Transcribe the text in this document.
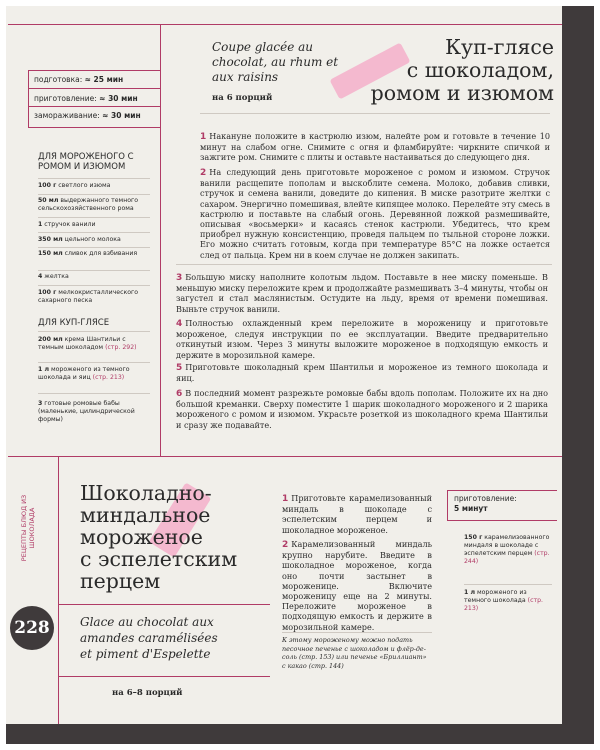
Coupe glacée au chocolat, au rhum et aux raisins
Куп-глясе
с шоколадом,
ромом и изюмом
на 6 порций
подготовка: ≈ 25 мин
приготовление: ≈ 30 мин
замораживание: ≈ 30 мин
ДЛЯ МОРОЖЕНОГО С РОМОМ И ИЗЮМОМ
100 г светлого изюма
50 мл выдержанного темного сельскохозяйственного рома
1 стручок ванили
350 мл цельного молока
150 мл сливок для взбивания
4 желтка
100 г мелкокристаллического сахарного песка
ДЛЯ КУП-ГЛЯСЕ
200 мл крема Шантильи с темным шоколадом (стр. 292)
1 л мороженого из темного шоколада и яиц (стр. 213)
3 готовые ромовые бабы (маленькие, цилиндрической формы)
1 Накануне положите в кастрюлю изюм, налейте ром и готовьте в течение 10 минут на слабом огне. Снимите с огня и фламбируйте: чиркните спичкой и зажгите ром. Снимите с плиты и оставьте настаиваться до следующего дня.
2 На следующий день приготовьте мороженое с ромом и изюмом. Стручок ванили расщепите пополам и выскоблите семена. Молоко, добавив сливки, стручок и семена ванили, доведите до кипения. В миске разотрите желтки с сахаром. Энергично помешивая, влейте кипящее молоко. Перелейте эту смесь в кастрюлю и поставьте на слабый огонь. Деревянной ложкой размешивайте, описывая «восьмерки» и касаясь стенок кастрюли. Убедитесь, что крем приобрел нужную консистенцию, проведя пальцем по тыльной стороне ложки. Его можно считать готовым, когда при температуре 85°C на ложке остается след от пальца. Крем ни в коем случае не должен закипать.
3 Большую миску наполните колотым льдом. Поставьте в нее миску поменьше. В меньшую миску переложите крем и продолжайте размешивать 3–4 минуты, чтобы он загустел и стал маслянистым. Остудите на льду, время от времени помешивая. Выньте стручок ванили.
4 Полностью охлажденный крем переложите в мороженицу и приготовьте мороженое, следуя инструкции по ее эксплуатации. Введите предварительно откинутый изюм. Через 3 минуты выложите мороженое в подходящую емкость и держите в морозильной камере.
5 Приготовьте шоколадный крем Шантильи и мороженое из темного шоколада и яиц.
6 В последний момент разрежьте ромовые бабы вдоль пополам. Положите их на дно большой креманки. Сверху поместите 1 шарик шоколадного мороженого и 2 шарика мороженого с ромом и изюмом. Украсьте розеткой из шоколадного крема Шантильи и сразу же подавайте.
Шоколадно-
миндальное
мороженое
с эспелетским
перцем
Glace au chocolat aux
amandes caramélisées
et piment d'Espelette
на 6–8 порций
1 Приготовьте карамелизованный миндаль в шоколаде с эспелетским перцем и шоколадное мороженое.
2 Карамелизованный миндаль крупно нарубите. Введите в шоколадное мороженое, когда оно почти застынет в мороженице. Включите мороженицу еще на 2 минуты. Переложите мороженое в подходящую емкость и держите в морозильной камере.
К этому мороженому можно подать песочное печенье с шоколадом и флёр-де-соль (стр. 153) или печенье «Бриллиант» с какао (стр. 144)
приготовление:
5 минут
150 г карамелизованного миндаля в шоколаде с эспелетским перцем (стр. 244)
1 л мороженого из темного шоколада (стр. 213)
РЕЦЕПТЫ БЛЮД ИЗ ШОКОЛАДА
228
